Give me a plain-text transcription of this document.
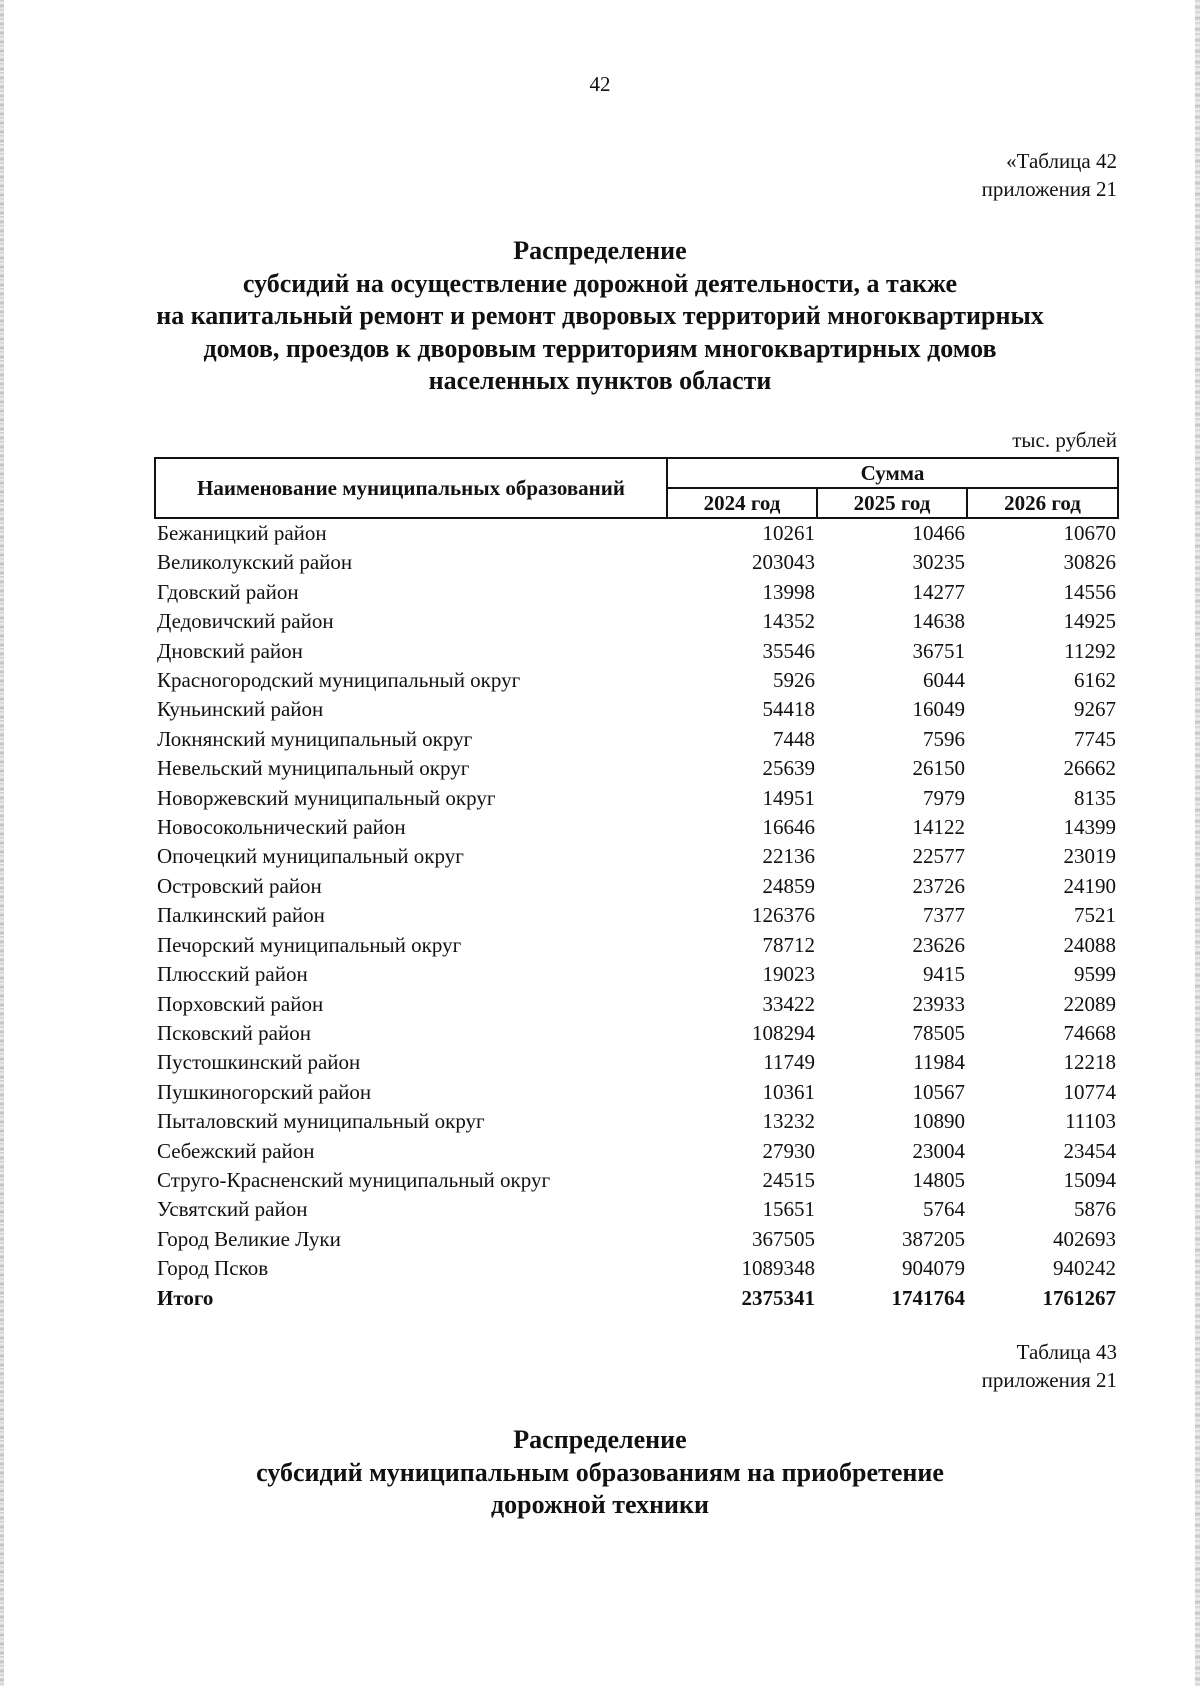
42
«Таблица 42
приложения 21
Распределение
субсидий на осуществление дорожной деятельности, а также
на капитальный ремонт и ремонт дворовых территорий многоквартирных
домов, проездов к дворовым территориям многоквартирных домов
населенных пунктов области
тыс. рублей
Наименование муниципальных образований	Сумма		
	2024 год	2025 год	2026 год
Бежаницкий район	10261	10466	10670
Великолукский район	203043	30235	30826
Гдовский район	13998	14277	14556
Дедовичский район	14352	14638	14925
Дновский район	35546	36751	11292
Красногородский муниципальный округ	5926	6044	6162
Куньинский район	54418	16049	9267
Локнянский муниципальный округ	7448	7596	7745
Невельский муниципальный округ	25639	26150	26662
Новоржевский муниципальный округ	14951	7979	8135
Новосокольнический район	16646	14122	14399
Опочецкий муниципальный округ	22136	22577	23019
Островский район	24859	23726	24190
Палкинский район	126376	7377	7521
Печорский муниципальный округ	78712	23626	24088
Плюсский район	19023	9415	9599
Порховский район	33422	23933	22089
Псковский район	108294	78505	74668
Пустошкинский район	11749	11984	12218
Пушкиногорский район	10361	10567	10774
Пыталовский муниципальный округ	13232	10890	11103
Себежский район	27930	23004	23454
Струго-Красненский муниципальный округ	24515	14805	15094
Усвятский район	15651	5764	5876
Город Великие Луки	367505	387205	402693
Город Псков	1089348	904079	940242
Итого	2375341	1741764	1761267
Таблица 43
приложения 21
Распределение
субсидий муниципальным образованиям на приобретение
дорожной техники
